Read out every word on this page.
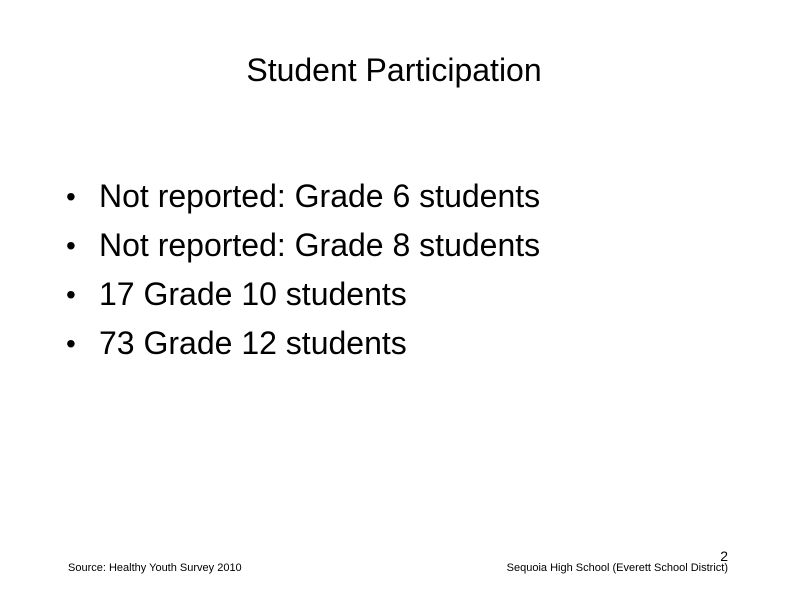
Student Participation
• Not reported: Grade 6 students
• Not reported: Grade 8 students
• 17 Grade 10 students
• 73 Grade 12 students
Source: Healthy Youth Survey 2010
2
Sequoia High School (Everett School District)
